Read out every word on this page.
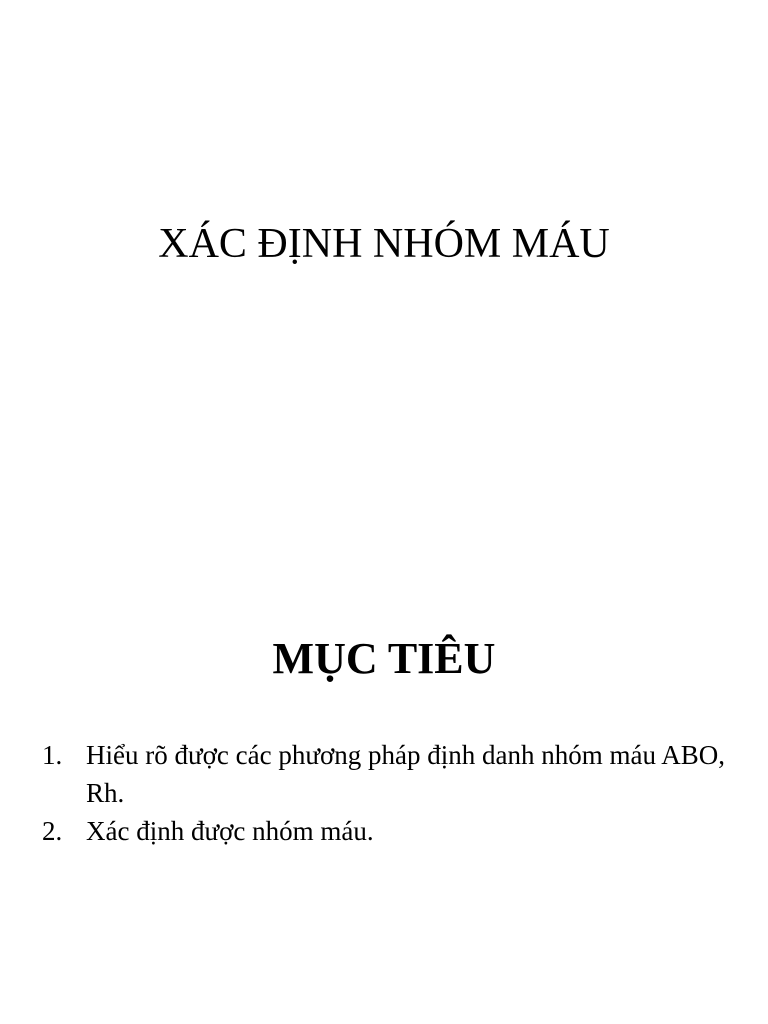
XÁC ĐỊNH NHÓM MÁU
MỤC TIÊU
1. Hiểu rõ được các phương pháp định danh nhóm máu ABO, Rh.
2. Xác định được nhóm máu.
